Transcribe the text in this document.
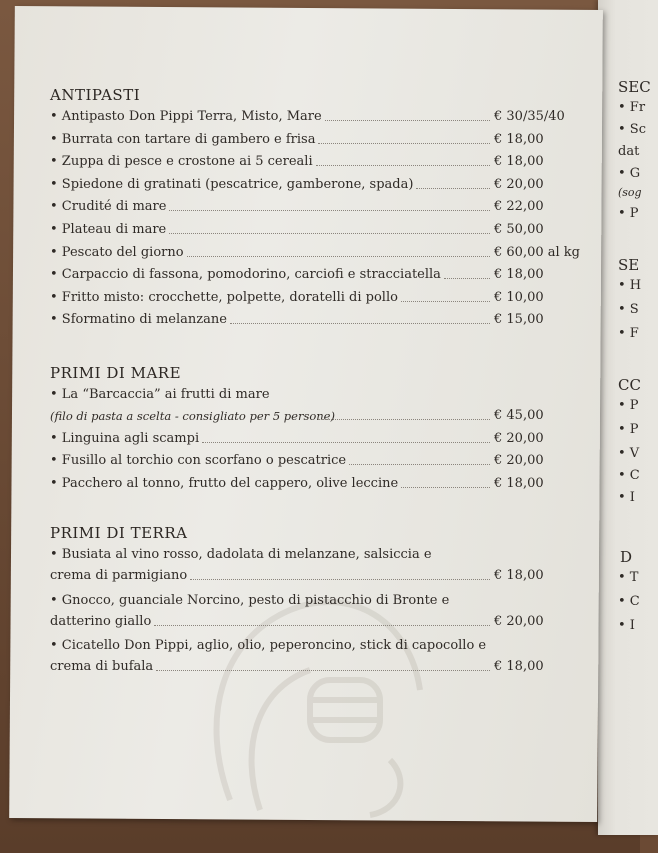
SEC
• Fr
• Sc
dat
• G
(sog
• P
SE
• H
• S
• F
CC
• P
• P
• V
• C
• I
D
• T
• C
• I
ANTIPASTI
• Antipasto Don Pippi Terra, Misto, Mare	€ 30/35/40
• Burrata con tartare di gambero e frisa	€ 18,00
• Zuppa di pesce e crostone ai 5 cereali	€ 18,00
• Spiedone di gratinati (pescatrice, gamberone, spada)	€ 20,00
• Crudité di mare	€ 22,00
• Plateau di mare	€ 50,00
• Pescato del giorno	€ 60,00 al kg
• Carpaccio di fassona, pomodorino, carciofi e stracciatella	€ 18,00
• Fritto misto: crocchette, polpette, doratelli di pollo	€ 10,00
• Sformatino di melanzane	€ 15,00
PRIMI DI MARE
• La “Barcaccia” ai frutti di mare
(filo di pasta a scelta - consigliato per 5 persone)	€ 45,00
• Linguina agli scampi	€ 20,00
• Fusillo al torchio con scorfano o pescatrice	€ 20,00
• Pacchero al tonno, frutto del cappero, olive leccine	€ 18,00
PRIMI DI TERRA
• Busiata al vino rosso, dadolata di melanzane, salsiccia e
crema di parmigiano	€ 18,00
• Gnocco, guanciale Norcino, pesto di pistacchio di Bronte e
datterino giallo	€ 20,00
• Cicatello Don Pippi, aglio, olio, peperoncino, stick di capocollo e
crema di bufala	€ 18,00
